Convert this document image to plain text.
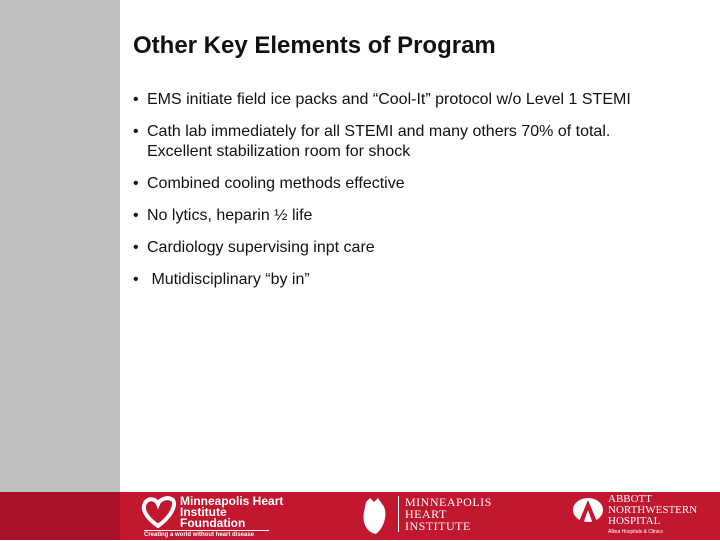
Other Key Elements of Program
• EMS initiate field ice packs and “Cool-It” protocol w/o Level 1 STEMI
• Cath lab immediately for all STEMI and many others 70% of total. Excellent stabilization room for shock
• Combined cooling methods effective
• No lytics, heparin ½ life
• Cardiology supervising inpt care
• Mutidisciplinary “by in”
Minneapolis Heart Institute Foundation
Creating a world without heart disease
MINNEAPOLIS HEART INSTITUTE
ABBOTT NORTHWESTERN HOSPITAL
Allina Hospitals & Clinics
